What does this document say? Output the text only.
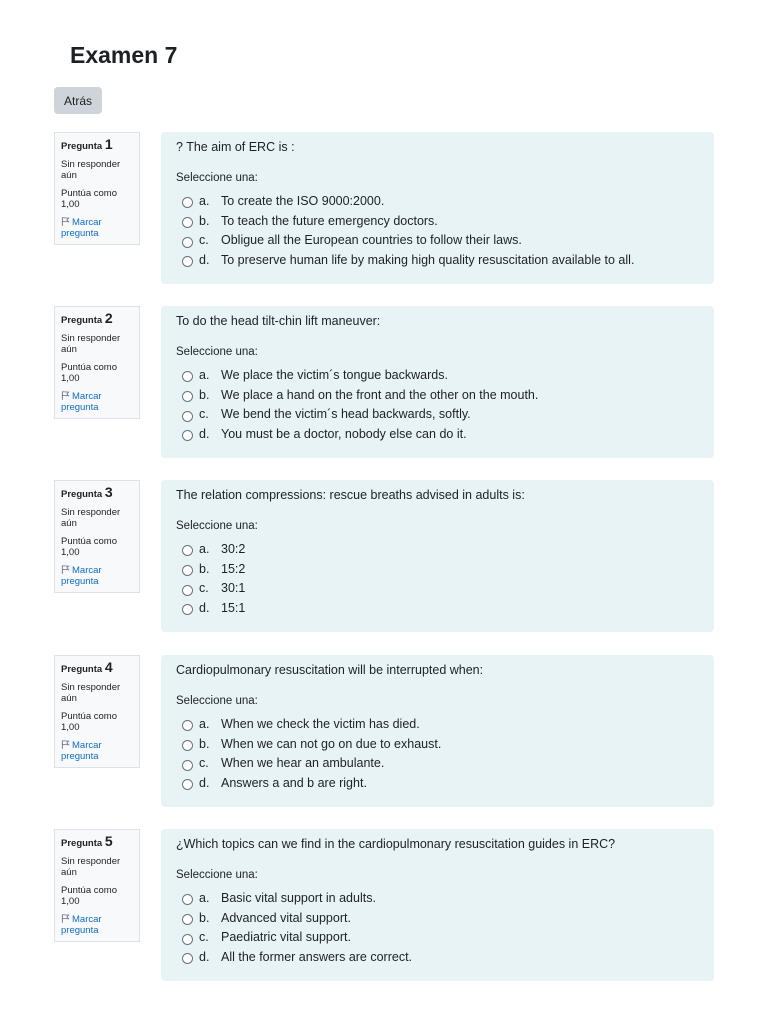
Examen 7
Atrás
Pregunta 1
Sin responder aún
Puntúa como 1,00
Marcar pregunta

? The aim of ERC is :

Seleccione una:
a. To create the ISO 9000:2000.
b. To teach the future emergency doctors.
c. Obligue all the European countries to follow their laws.
d. To preserve human life by making high quality resuscitation available to all.
Pregunta 2
Sin responder aún
Puntúa como 1,00
Marcar pregunta

To do the head tilt-chin lift maneuver:

Seleccione una:
a. We place the victim´s tongue backwards.
b. We place a hand on the front and the other on the mouth.
c. We bend the victim´s head backwards, softly.
d. You must be a doctor, nobody else can do it.
Pregunta 3
Sin responder aún
Puntúa como 1,00
Marcar pregunta

The relation compressions: rescue breaths advised in adults is:

Seleccione una:
a. 30:2
b. 15:2
c. 30:1
d. 15:1
Pregunta 4
Sin responder aún
Puntúa como 1,00
Marcar pregunta

Cardiopulmonary resuscitation will be interrupted when:

Seleccione una:
a. When we check the victim has died.
b. When we can not go on due to exhaust.
c. When we hear an ambulante.
d. Answers a and b are right.
Pregunta 5
Sin responder aún
Puntúa como 1,00
Marcar pregunta

¿Which topics can we find in the cardiopulmonary resuscitation guides in ERC?

Seleccione una:
a. Basic vital support in adults.
b. Advanced vital support.
c. Paediatric vital support.
d. All the former answers are correct.
